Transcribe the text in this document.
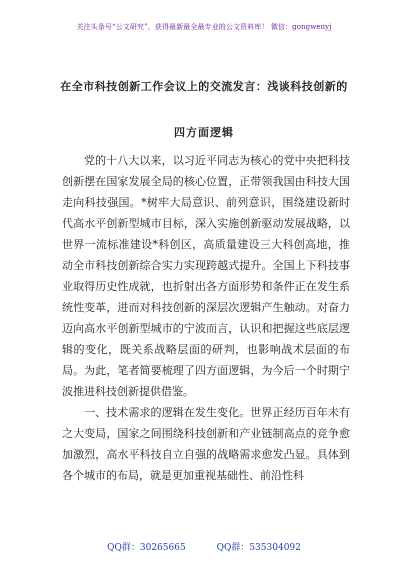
关注头条号“公文研究”，获得最新最全最专业的公文资料库！ 微信：gongwenyj
在全市科技创新工作会议上的交流发言：浅谈科技创新的
四方面逻辑

党的十八大以来，以习近平同志为核心的党中央把科技创新摆在国家发展全局的核心位置，正带领我国由科技大国走向科技强国。*树牢大局意识、前列意识，围绕建设新时代高水平创新型城市目标，深入实施创新驱动发展战略，以世界一流标准建设*科创区，高质量建设三大科创高地，推动全市科技创新综合实力实现跨越式提升。全国上下科技事业取得历史性成就，也折射出各方面形势和条件正在发生系统性变革，进而对科技创新的深层次逻辑产生触动。对奋力迈向高水平创新型城市的宁波而言，认识和把握这些底层逻辑的变化，既关系战略层面的研判，也影响战术层面的布局。为此，笔者简要梳理了四方面逻辑，为今后一个时期宁波推进科技创新提供借鉴。

一、技术需求的逻辑在发生变化。世界正经历百年未有之大变局，国家之间围绕科技创新和产业链制高点的竞争愈加激烈，高水平科技自立自强的战略需求愈发凸显。具体到各个城市的布局，就是更加重视基础性、前沿性科

QQ群：30265665	QQ群：535304092
